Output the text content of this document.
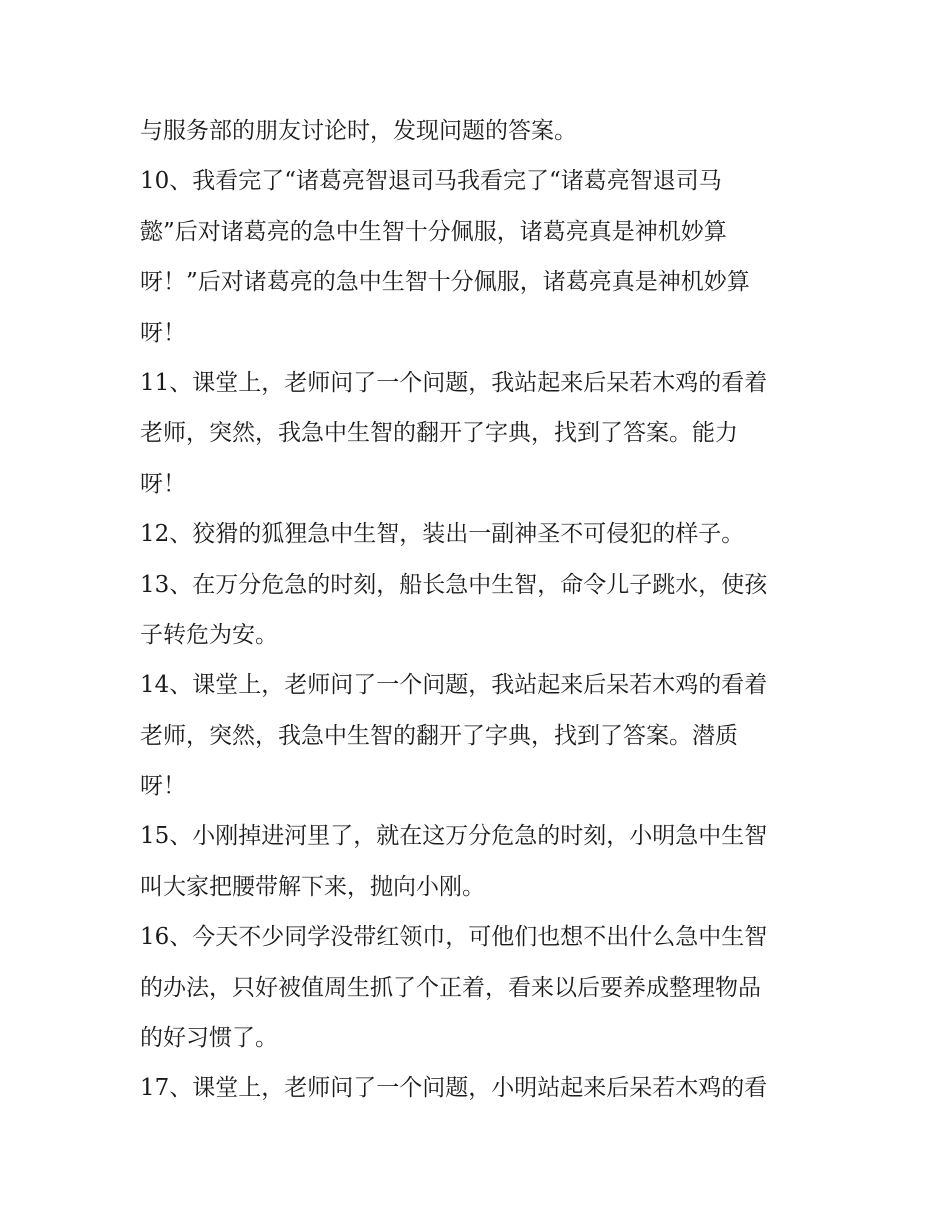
与服务部的朋友讨论时，发现问题的答案。
10、我看完了“诸葛亮智退司马我看完了“诸葛亮智退司马
懿”后对诸葛亮的急中生智十分佩服，诸葛亮真是神机妙算
呀！”后对诸葛亮的急中生智十分佩服，诸葛亮真是神机妙算
呀！
11、课堂上，老师问了一个问题，我站起来后呆若木鸡的看着
老师，突然，我急中生智的翻开了字典，找到了答案。能力
呀！
12、狡猾的狐狸急中生智，装出一副神圣不可侵犯的样子。
13、在万分危急的时刻，船长急中生智，命令儿子跳水，使孩
子转危为安。
14、课堂上，老师问了一个问题，我站起来后呆若木鸡的看着
老师，突然，我急中生智的翻开了字典，找到了答案。潜质
呀！
15、小刚掉进河里了，就在这万分危急的时刻，小明急中生智
叫大家把腰带解下来，抛向小刚。
16、今天不少同学没带红领巾，可他们也想不出什么急中生智
的办法，只好被值周生抓了个正着，看来以后要养成整理物品
的好习惯了。
17、课堂上，老师问了一个问题，小明站起来后呆若木鸡的看
